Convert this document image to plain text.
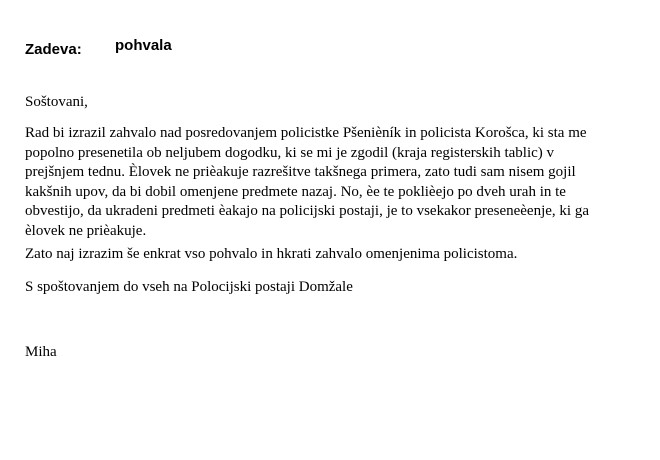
Zadeva: pohvala

Soštovani,

Rad bi izrazil zahvalo nad posredovanjem policistke Pšenièník in policista Korošca, ki sta me
popolno presenetila ob neljubem dogodku, ki se mi je zgodil (kraja registerskih tablic) v
prejšnjem tednu. Èlovek ne prièakuje razrešitve takšnega primera, zato tudi sam nisem gojil
kakšnih upov, da bi dobil omenjene predmete nazaj. No, èe te poklièejo po dveh urah in te
obvestijo, da ukradeni predmeti èakajo na policijski postaji, je to vsekakor preseneèenje, ki ga
èlovek ne prièakuje.

Zato naj izrazim še enkrat vso pohvalo in hkrati zahvalo omenjenima policistoma.

S spoštovanjem do vseh na Polocijski postaji Domžale

Miha
